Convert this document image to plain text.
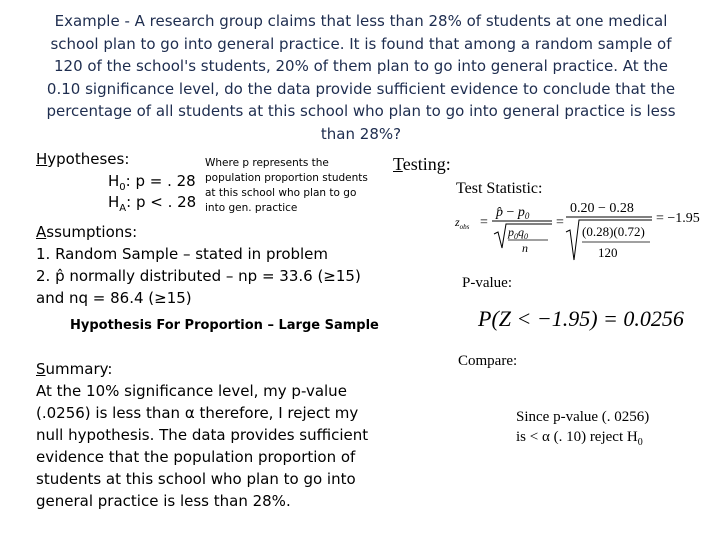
Example - A research group claims that less than 28% of students at one medical
school plan to go into general practice. It is found that among a random sample of
120 of the school's students, 20% of them plan to go into general practice. At the
0.10 significance level, do the data provide sufficient evidence to conclude that the
percentage of all students at this school who plan to go into general practice is less
than 28%?
Hypotheses:
$H_0$: p = . 28
$H_A$: p < . 28
Where p represents the
population proportion students
at this school who plan to go
into gen. practice
Testing:
Test Statistic:
$z_{obs}$ =
p̂ − $p_0$
$p_0q_0$
n
=
0.20 − 0.28
(0.28)(0.72)
120
= −1.95
Assumptions:
1. Random Sample – stated in problem
2. p̂ normally distributed – np = 33.6 (≥15)
and nq = 86.4 (≥15)
P-value:
Hypothesis For Proportion – Large Sample	P(Z < −1.95) = 0.0256
Compare:
Summary:
At the 10% significance level, my p-value
(.0256) is less than α therefore, I reject my
null hypothesis. The data provides sufficient
evidence that the population proportion of
students at this school who plan to go into
general practice is less than 28%.
Since p-value (. 0256)
is < α (. 10) reject $H_0$
